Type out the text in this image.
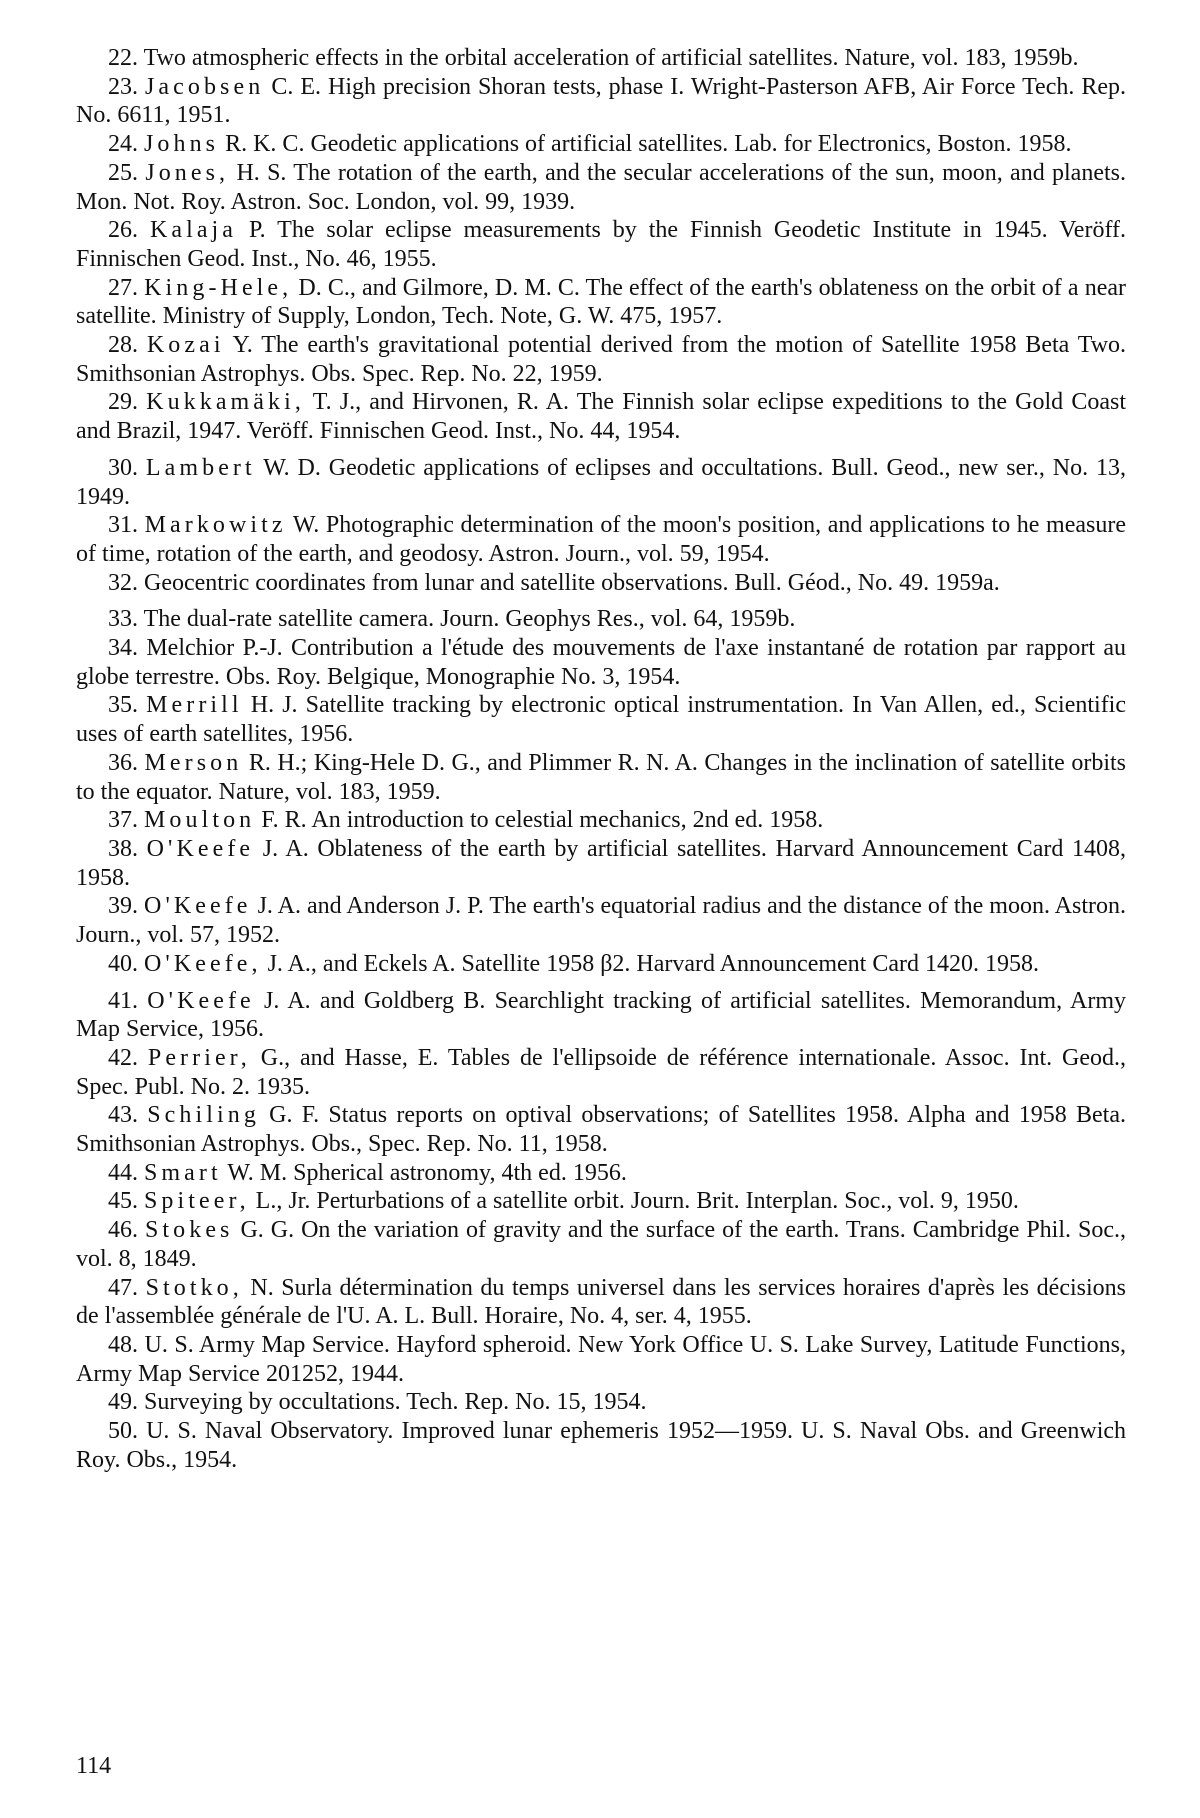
22. Two atmospheric effects in the orbital acceleration of artificial satellites. Nature, vol. 183, 1959b.

23. Jacobsen C. E. High precision Shoran tests, phase I. Wright-Pasterson AFB, Air Force Tech. Rep. No. 6611, 1951.

24. Johns R. K. C. Geodetic applications of artificial satellites. Lab. for Electronics, Boston. 1958.

25. Jones, H. S. The rotation of the earth, and the secular accelerations of the sun, moon, and planets. Mon. Not. Roy. Astron. Soc. London, vol. 99, 1939.

26. Kalaja P. The solar eclipse measurements by the Finnish Geodetic Institute in 1945. Veröff. Finnischen Geod. Inst., No. 46, 1955.

27. King-Hele, D. C., and Gilmore, D. M. C. The effect of the earth's oblateness on the orbit of a near satellite. Ministry of Supply, London, Tech. Note, G. W. 475, 1957.

28. Kozai Y. The earth's gravitational potential derived from the motion of Satellite 1958 Beta Two. Smithsonian Astrophys. Obs. Spec. Rep. No. 22, 1959.

29. Kukkamäki, T. J., and Hirvonen, R. A. The Finnish solar eclipse expeditions to the Gold Coast and Brazil, 1947. Veröff. Finnischen Geod. Inst., No. 44, 1954.

30. Lambert W. D. Geodetic applications of eclipses and occultations. Bull. Geod., new ser., No. 13, 1949.

31. Markowitz W. Photographic determination of the moon's position, and applications to he measure of time, rotation of the earth, and geodosy. Astron. Journ., vol. 59, 1954.

32. Geocentric coordinates from lunar and satellite observations. Bull. Géod., No. 49. 1959a.

33. The dual-rate satellite camera. Journ. Geophys Res., vol. 64, 1959b.

34. Melchior P.-J. Contribution a l'étude des mouvements de l'axe instantané de rotation par rapport au globe terrestre. Obs. Roy. Belgique, Monographie No. 3, 1954.

35. Merrill H. J. Satellite tracking by electronic optical instrumentation. In Van Allen, ed., Scientific uses of earth satellites, 1956.

36. Merson R. H.; King-Hele D. G., and Plimmer R. N. A. Changes in the inclination of satellite orbits to the equator. Nature, vol. 183, 1959.

37. Moulton F. R. An introduction to celestial mechanics, 2nd ed. 1958.

38. O'Keefe J. A. Oblateness of the earth by artificial satellites. Harvard Announcement Card 1408, 1958.

39. O'Keefe J. A. and Anderson J. P. The earth's equatorial radius and the distance of the moon. Astron. Journ., vol. 57, 1952.

40. O'Keefe, J. A., and Eckels A. Satellite 1958 β2. Harvard Announcement Card 1420. 1958.

41. O'Keefe J. A. and Goldberg B. Searchlight tracking of artificial satellites. Memorandum, Army Map Service, 1956.

42. Perrier, G., and Hasse, E. Tables de l'ellipsoide de référence internationale. Assoc. Int. Geod., Spec. Publ. No. 2. 1935.

43. Schiling G. F. Status reports on optival observations; of Satellites 1958. Alpha and 1958 Beta. Smithsonian Astrophys. Obs., Spec. Rep. No. 11, 1958.

44. Smart W. M. Spherical astronomy, 4th ed. 1956.

45. Spiteer, L., Jr. Perturbations of a satellite orbit. Journ. Brit. Interplan. Soc., vol. 9, 1950.

46. Stokes G. G. On the variation of gravity and the surface of the earth. Trans. Cambridge Phil. Soc., vol. 8, 1849.

47. Stotko, N. Surla détermination du temps universel dans les services horaires d'après les décisions de l'assemblée générale de l'U. A. L. Bull. Horaire, No. 4, ser. 4, 1955.

48. U. S. Army Map Service. Hayford spheroid. New York Office U. S. Lake Survey, Latitude Functions, Army Map Service 201252, 1944.

49. Surveying by occultations. Tech. Rep. No. 15, 1954.

50. U. S. Naval Observatory. Improved lunar ephemeris 1952—1959. U. S. Naval Obs. and Greenwich Roy. Obs., 1954.

114
